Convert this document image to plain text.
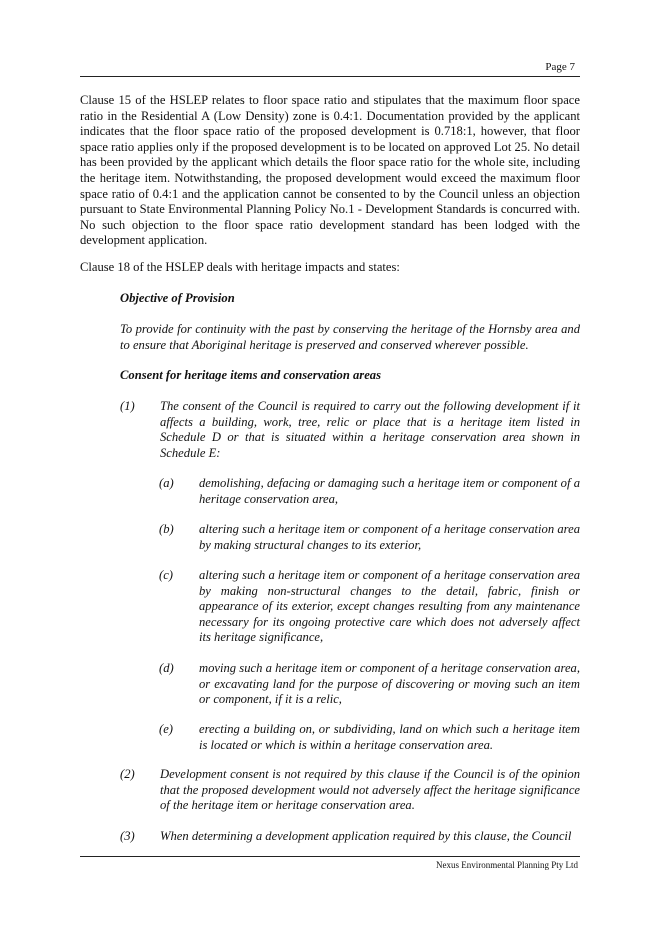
Page 7
Clause 15 of the HSLEP relates to floor space ratio and stipulates that the maximum floor space ratio in the Residential A (Low Density) zone is 0.4:1. Documentation provided by the applicant indicates that the floor space ratio of the proposed development is 0.718:1, however, that floor space ratio applies only if the proposed development is to be located on approved Lot 25. No detail has been provided by the applicant which details the floor space ratio for the whole site, including the heritage item. Notwithstanding, the proposed development would exceed the maximum floor space ratio of 0.4:1 and the application cannot be consented to by the Council unless an objection pursuant to State Environmental Planning Policy No.1 - Development Standards is concurred with. No such objection to the floor space ratio development standard has been lodged with the development application.
Clause 18 of the HSLEP deals with heritage impacts and states:
Objective of Provision
To provide for continuity with the past by conserving the heritage of the Hornsby area and to ensure that Aboriginal heritage is preserved and conserved wherever possible.
Consent for heritage items and conservation areas
(1) The consent of the Council is required to carry out the following development if it affects a building, work, tree, relic or place that is a heritage item listed in Schedule D or that is situated within a heritage conservation area shown in Schedule E:
(a) demolishing, defacing or damaging such a heritage item or component of a heritage conservation area,
(b) altering such a heritage item or component of a heritage conservation area by making structural changes to its exterior,
(c) altering such a heritage item or component of a heritage conservation area by making non-structural changes to the detail, fabric, finish or appearance of its exterior, except changes resulting from any maintenance necessary for its ongoing protective care which does not adversely affect its heritage significance,
(d) moving such a heritage item or component of a heritage conservation area, or excavating land for the purpose of discovering or moving such an item or component, if it is a relic,
(e) erecting a building on, or subdividing, land on which such a heritage item is located or which is within a heritage conservation area.
(2) Development consent is not required by this clause if the Council is of the opinion that the proposed development would not adversely affect the heritage significance of the heritage item or heritage conservation area.
(3) When determining a development application required by this clause, the Council
Nexus Environmental Planning Pty Ltd
